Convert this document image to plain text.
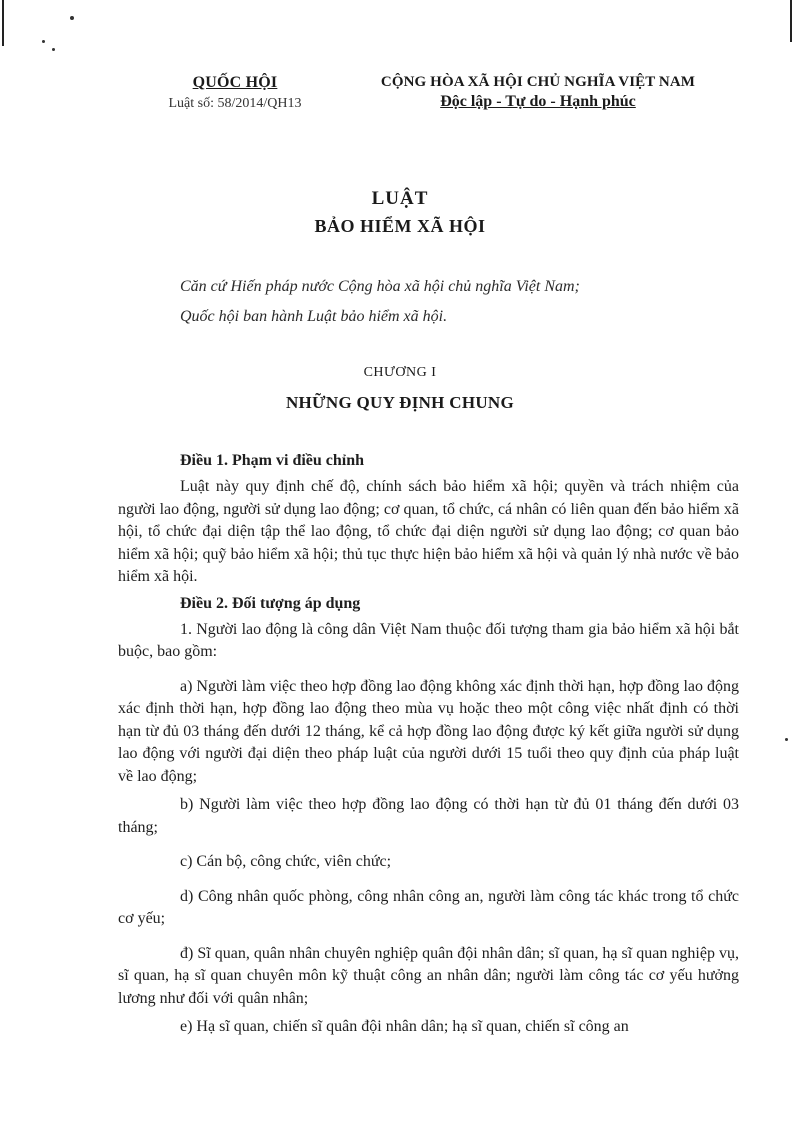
QUỐC HỘI
Luật số: 58/2014/QH13
CỘNG HÒA XÃ HỘI CHỦ NGHĨA VIỆT NAM
Độc lập - Tự do - Hạnh phúc
LUẬT
BẢO HIỂM XÃ HỘI
Căn cứ Hiến pháp nước Cộng hòa xã hội chủ nghĩa Việt Nam;
Quốc hội ban hành Luật bảo hiểm xã hội.
CHƯƠNG I
NHỮNG QUY ĐỊNH CHUNG
Điều 1. Phạm vi điều chỉnh

Luật này quy định chế độ, chính sách bảo hiểm xã hội; quyền và trách nhiệm của người lao động, người sử dụng lao động; cơ quan, tổ chức, cá nhân có liên quan đến bảo hiểm xã hội, tổ chức đại diện tập thể lao động, tổ chức đại diện người sử dụng lao động; cơ quan bảo hiểm xã hội; quỹ bảo hiểm xã hội; thủ tục thực hiện bảo hiểm xã hội và quản lý nhà nước về bảo hiểm xã hội.

Điều 2. Đối tượng áp dụng

1. Người lao động là công dân Việt Nam thuộc đối tượng tham gia bảo hiểm xã hội bắt buộc, bao gồm:

a) Người làm việc theo hợp đồng lao động không xác định thời hạn, hợp đồng lao động xác định thời hạn, hợp đồng lao động theo mùa vụ hoặc theo một công việc nhất định có thời hạn từ đủ 03 tháng đến dưới 12 tháng, kể cả hợp đồng lao động được ký kết giữa người sử dụng lao động với người đại diện theo pháp luật của người dưới 15 tuổi theo quy định của pháp luật về lao động;

b) Người làm việc theo hợp đồng lao động có thời hạn từ đủ 01 tháng đến dưới 03 tháng;

c) Cán bộ, công chức, viên chức;

d) Công nhân quốc phòng, công nhân công an, người làm công tác khác trong tổ chức cơ yếu;

đ) Sĩ quan, quân nhân chuyên nghiệp quân đội nhân dân; sĩ quan, hạ sĩ quan nghiệp vụ, sĩ quan, hạ sĩ quan chuyên môn kỹ thuật công an nhân dân; người làm công tác cơ yếu hưởng lương như đối với quân nhân;

e) Hạ sĩ quan, chiến sĩ quân đội nhân dân; hạ sĩ quan, chiến sĩ công an
